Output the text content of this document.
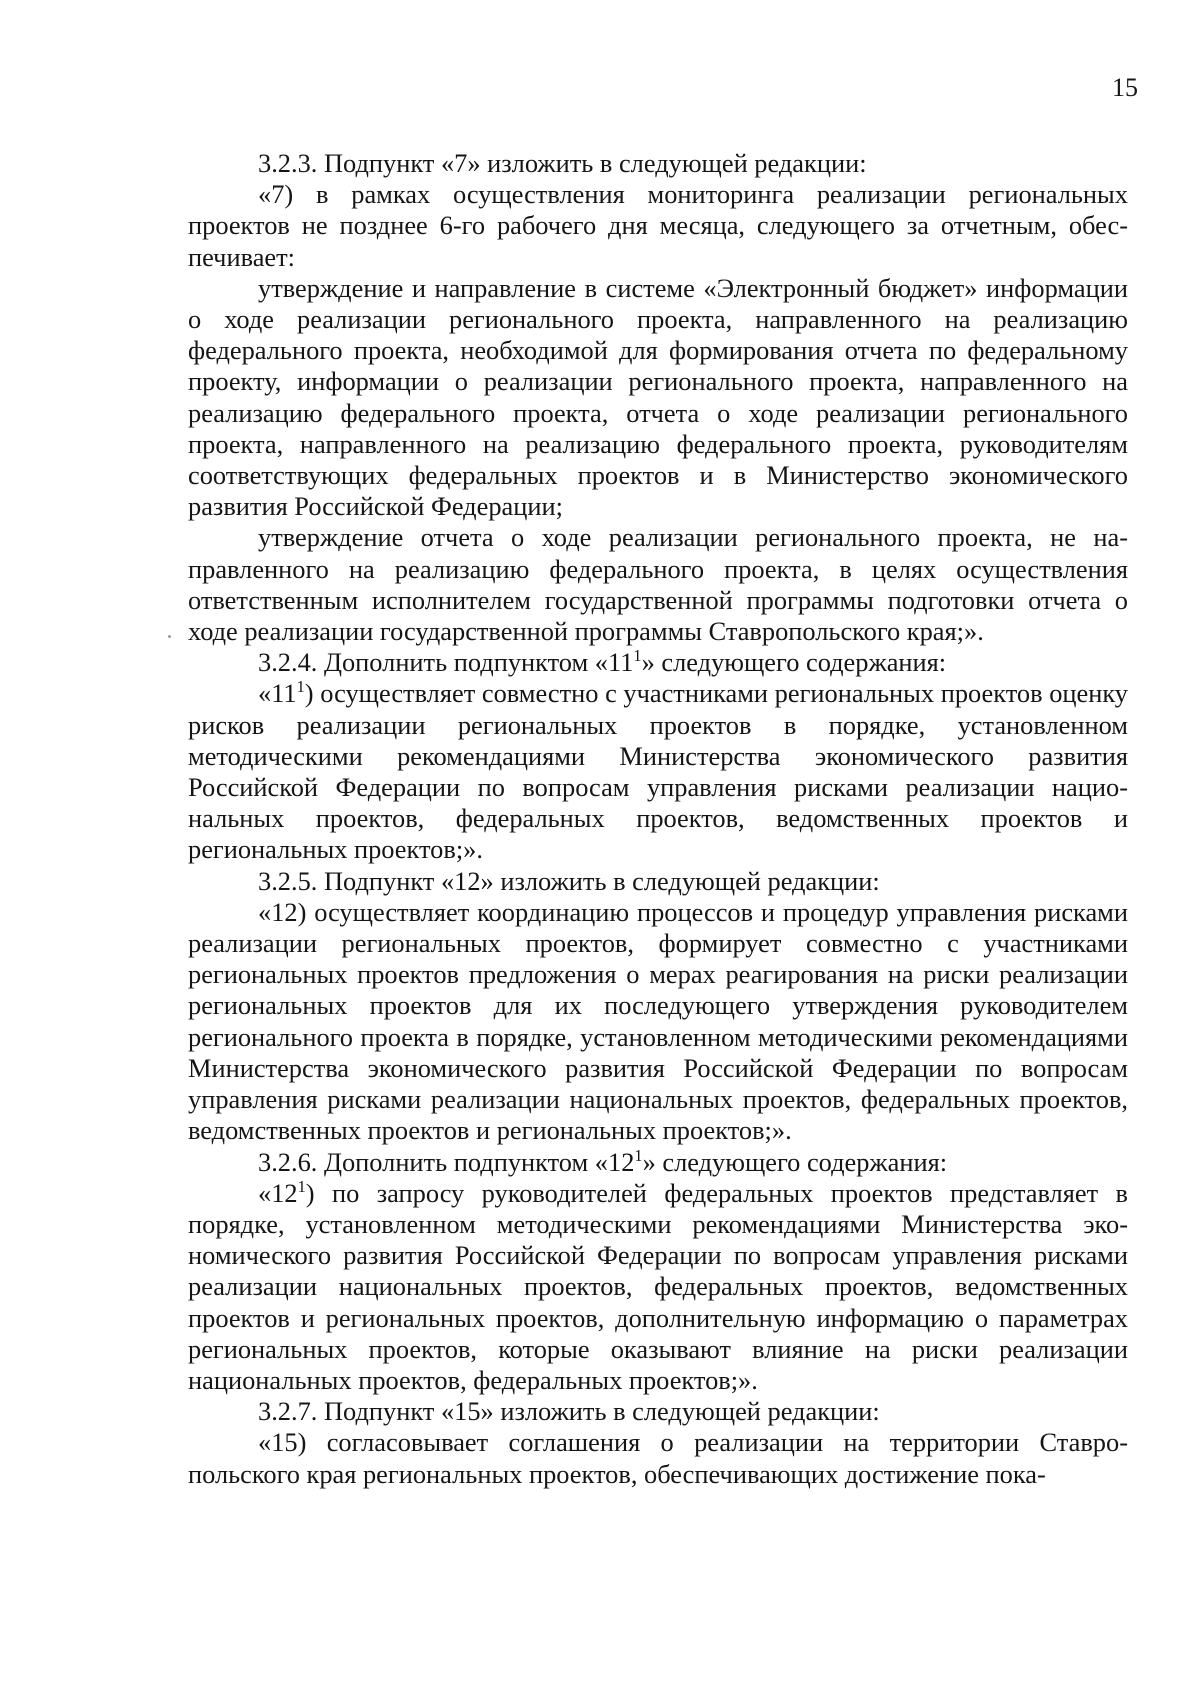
15

3.2.3. Подпункт «7» изложить в следующей редакции:

«7) в рамках осуществления мониторинга реализации региональных проектов не позднее 6-го рабочего дня месяца, следующего за отчетным, обеспечивает:

утверждение и направление в системе «Электронный бюджет» информации о ходе реализации регионального проекта, направленного на реализацию федерального проекта, необходимой для формирования отчета по федеральному проекту, информации о реализации регионального проекта, направленного на реализацию федерального проекта, отчета о ходе реализации регионального проекта, направленного на реализацию федерального проекта, руководителям соответствующих федеральных проектов и в Министерство экономического развития Российской Федерации;

утверждение отчета о ходе реализации регионального проекта, не направленного на реализацию федерального проекта, в целях осуществления ответственным исполнителем государственной программы подготовки отчета о ходе реализации государственной программы Ставропольского края;».

3.2.4. Дополнить подпунктом «$11^1$» следующего содержания:

«$11^1$) осуществляет совместно с участниками региональных проектов оценку рисков реализации региональных проектов в порядке, установленном методическими рекомендациями Министерства экономического развития Российской Федерации по вопросам управления рисками реализации национальных проектов, федеральных проектов, ведомственных проектов и региональных проектов;».

3.2.5. Подпункт «12» изложить в следующей редакции:

«12) осуществляет координацию процессов и процедур управления рисками реализации региональных проектов, формирует совместно с участниками региональных проектов предложения о мерах реагирования на риски реализации региональных проектов для их последующего утверждения руководителем регионального проекта в порядке, установленном методическими рекомендациями Министерства экономического развития Российской Федерации по вопросам управления рисками реализации национальных проектов, федеральных проектов, ведомственных проектов и региональных проектов;».

3.2.6. Дополнить подпунктом «$12^1$» следующего содержания:

«$12^1$) по запросу руководителей федеральных проектов представляет в порядке, установленном методическими рекомендациями Министерства экономического развития Российской Федерации по вопросам управления рисками реализации национальных проектов, федеральных проектов, ведомственных проектов и региональных проектов, дополнительную информацию о параметрах региональных проектов, которые оказывают влияние на риски реализации национальных проектов, федеральных проектов;».

3.2.7. Подпункт «15» изложить в следующей редакции:

«15) согласовывает соглашения о реализации на территории Ставропольского края региональных проектов, обеспечивающих достижение пока-
